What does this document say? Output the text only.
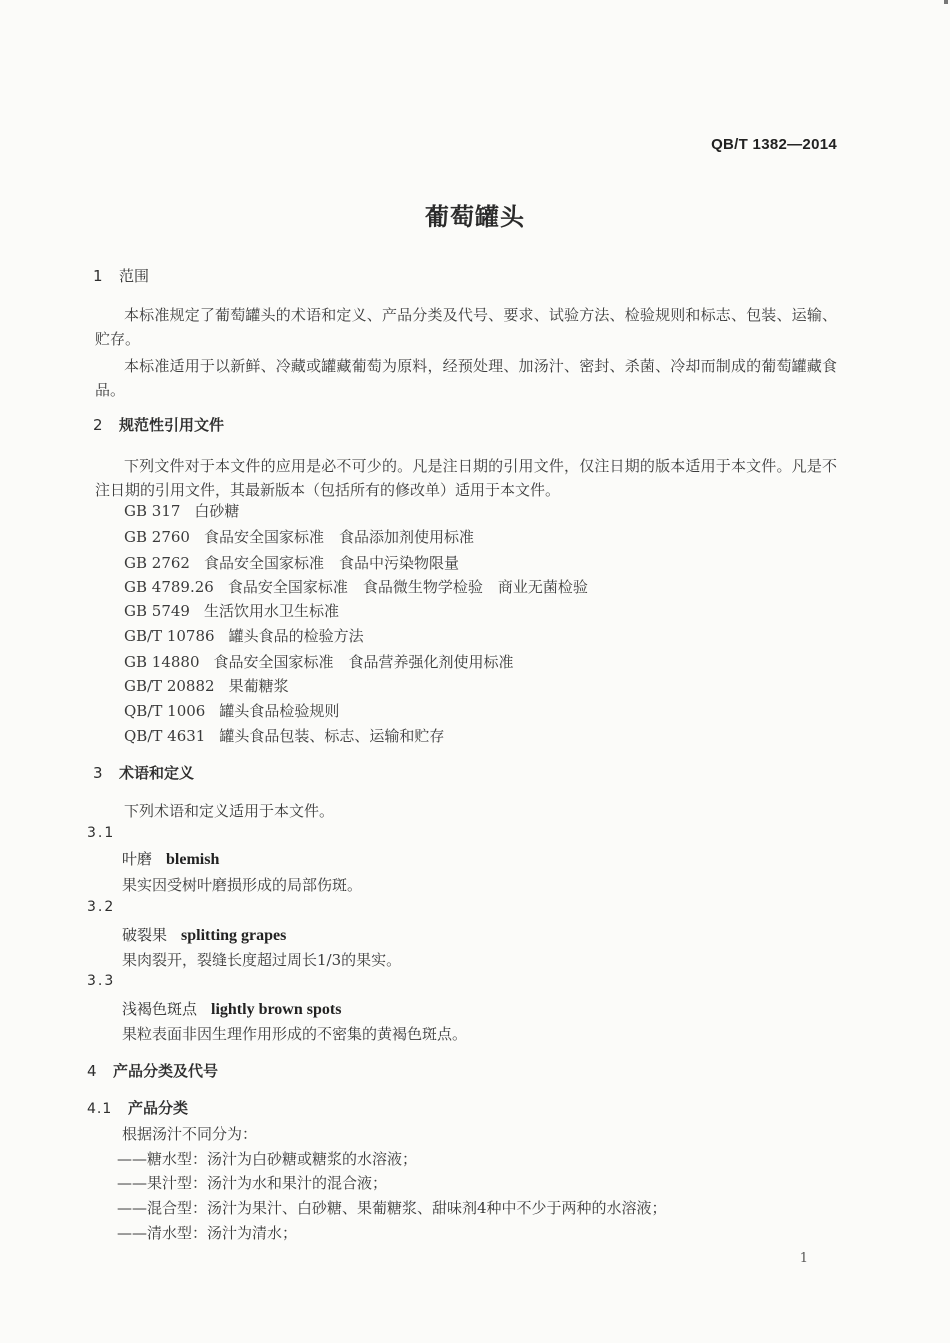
QB/T 1382—2014
葡萄罐头
1 范围
本标准规定了葡萄罐头的术语和定义、产品分类及代号、要求、试验方法、检验规则和标志、包装、运输、贮存。
本标准适用于以新鲜、冷藏或罐藏葡萄为原料，经预处理、加汤汁、密封、杀菌、冷却而制成的葡萄罐藏食品。
2 规范性引用文件
下列文件对于本文件的应用是必不可少的。凡是注日期的引用文件，仅注日期的版本适用于本文件。凡是不注日期的引用文件，其最新版本（包括所有的修改单）适用于本文件。
GB 317 白砂糖
GB 2760 食品安全国家标准　食品添加剂使用标准
GB 2762 食品安全国家标准　食品中污染物限量
GB 4789.26 食品安全国家标准　食品微生物学检验　商业无菌检验
GB 5749 生活饮用水卫生标准
GB/T 10786 罐头食品的检验方法
GB 14880 食品安全国家标准　食品营养强化剂使用标准
GB/T 20882 果葡糖浆
QB/T 1006 罐头食品检验规则
QB/T 4631 罐头食品包装、标志、运输和贮存
3 术语和定义
下列术语和定义适用于本文件。
3.1
叶磨 blemish
果实因受树叶磨损形成的局部伤斑。
3.2
破裂果 splitting grapes
果肉裂开，裂缝长度超过周长1/3的果实。
3.3
浅褐色斑点 lightly brown spots
果粒表面非因生理作用形成的不密集的黄褐色斑点。
4 产品分类及代号
4.1 产品分类
根据汤汁不同分为：
——糖水型：汤汁为白砂糖或糖浆的水溶液；
——果汁型：汤汁为水和果汁的混合液；
——混合型：汤汁为果汁、白砂糖、果葡糖浆、甜味剂4种中不少于两种的水溶液；
——清水型：汤汁为清水；
1
